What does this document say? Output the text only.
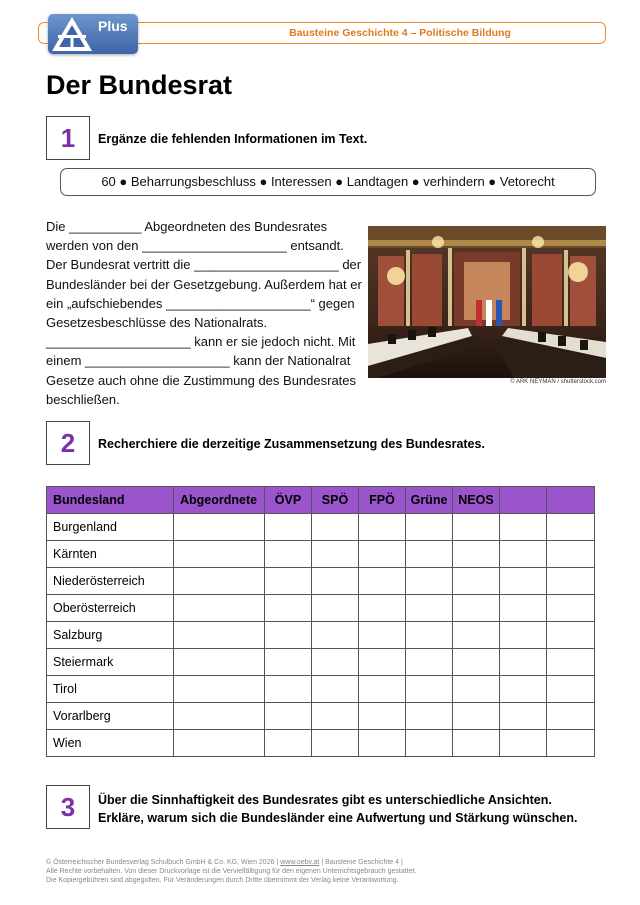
Bausteine Geschichte 4 – Politische Bildung
Plus
Der Bundesrat
1	Ergänze die fehlenden Informationen im Text.
60 ● Beharrungsbeschluss ● Interessen ● Landtagen ● verhindern ● Vetorecht
Die __________ Abgeordneten des Bundesrates
werden von den ____________________ entsandt.
Der Bundesrat vertritt die ____________________ der
Bundesländer bei der Gesetzgebung. Außerdem hat er
ein „aufschiebendes ____________________“ gegen
Gesetzesbeschlüsse des Nationalrats.
____________________ kann er sie jedoch nicht. Mit
einem ____________________ kann der Nationalrat
Gesetze auch ohne die Zustimmung des Bundesrates
beschließen.
© ARK NEYMAN / shutterstock.com
2	Recherchiere die derzeitige Zusammensetzung des Bundesrates.
Bundesland	Abgeordnete	ÖVP	SPÖ	FPÖ	Grüne	NEOS		
Burgenland								
Kärnten								
Niederösterreich								
Oberösterreich								
Salzburg								
Steiermark								
Tirol								
Vorarlberg								
Wien								
3	Über die Sinnhaftigkeit des Bundesrates gibt es unterschiedliche Ansichten.
Erkläre, warum sich die Bundesländer eine Aufwertung und Stärkung wünschen.
© Österreichischer Bundesverlag Schulbuch GmbH & Co. KG, Wien 2026 | www.oebv.at | Bausteine Geschichte 4 |
Alle Rechte vorbehalten. Von dieser Druckvorlage ist die Vervielfältigung für den eigenen Unterrichtsgebrauch gestattet.
Die Kopiergebühren sind abgegolten. Für Veränderungen durch Dritte übernimmt der Verlag keine Verantwortung.
